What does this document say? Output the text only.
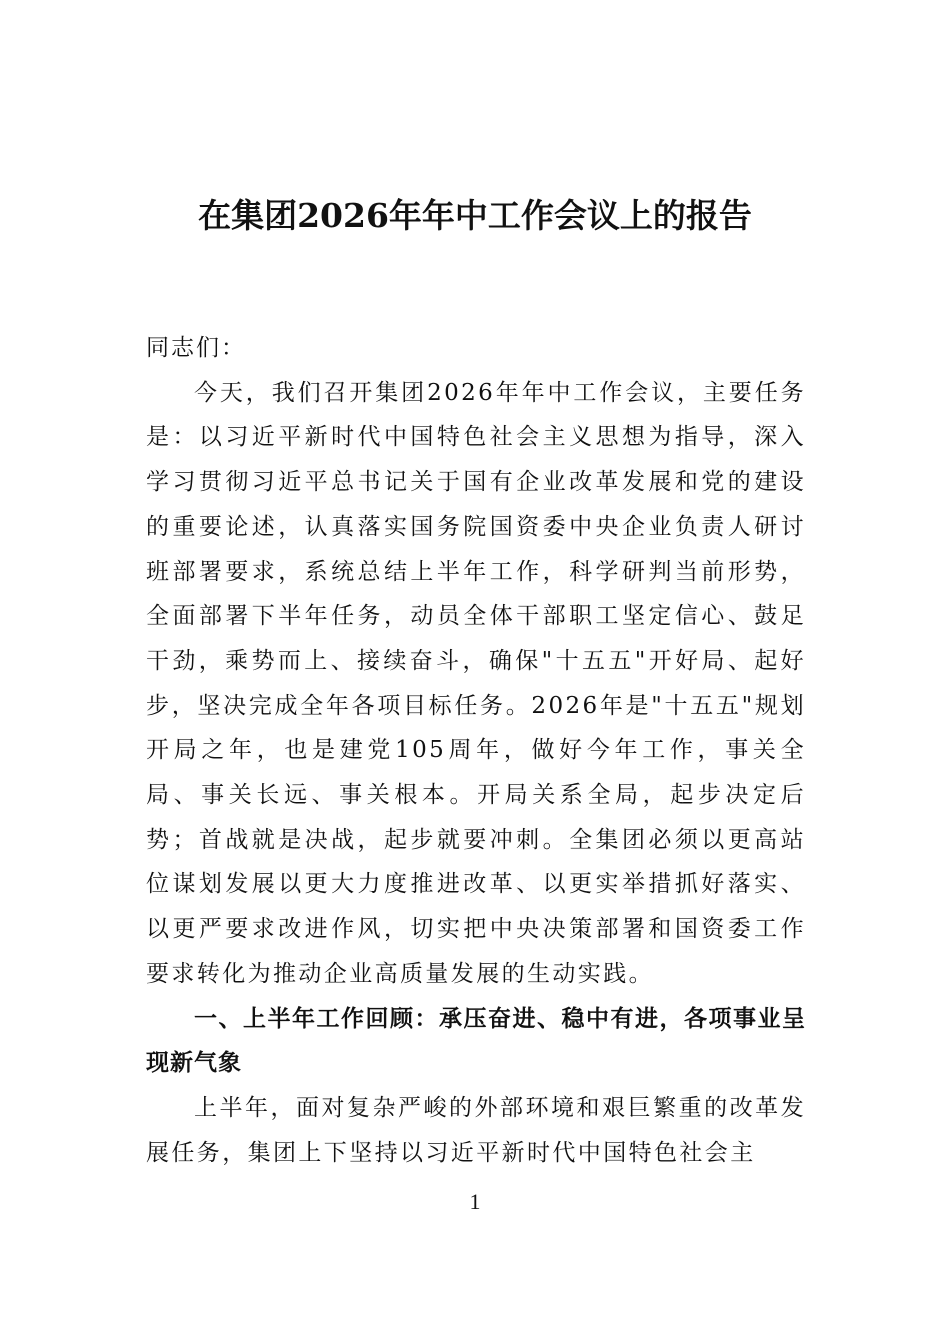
在集团2026年年中工作会议上的报告

同志们：

今天，我们召开集团2026年年中工作会议，主要任务是：以习近平新时代中国特色社会主义思想为指导，深入学习贯彻习近平总书记关于国有企业改革发展和党的建设的重要论述，认真落实国务院国资委中央企业负责人研讨班部署要求，系统总结上半年工作，科学研判当前形势，全面部署下半年任务，动员全体干部职工坚定信心、鼓足干劲，乘势而上、接续奋斗，确保"十五五"开好局、起好步，坚决完成全年各项目标任务。2026年是"十五五"规划开局之年，也是建党105周年，做好今年工作，事关全局、事关长远、事关根本。开局关系全局，起步决定后势；首战就是决战，起步就要冲刺。全集团必须以更高站位谋划发展以更大力度推进改革、以更实举措抓好落实、以更严要求改进作风，切实把中央决策部署和国资委工作要求转化为推动企业高质量发展的生动实践。

一、上半年工作回顾：承压奋进、稳中有进，各项事业呈现新气象

上半年，面对复杂严峻的外部环境和艰巨繁重的改革发展任务，集团上下坚持以习近平新时代中国特色社会主

1
